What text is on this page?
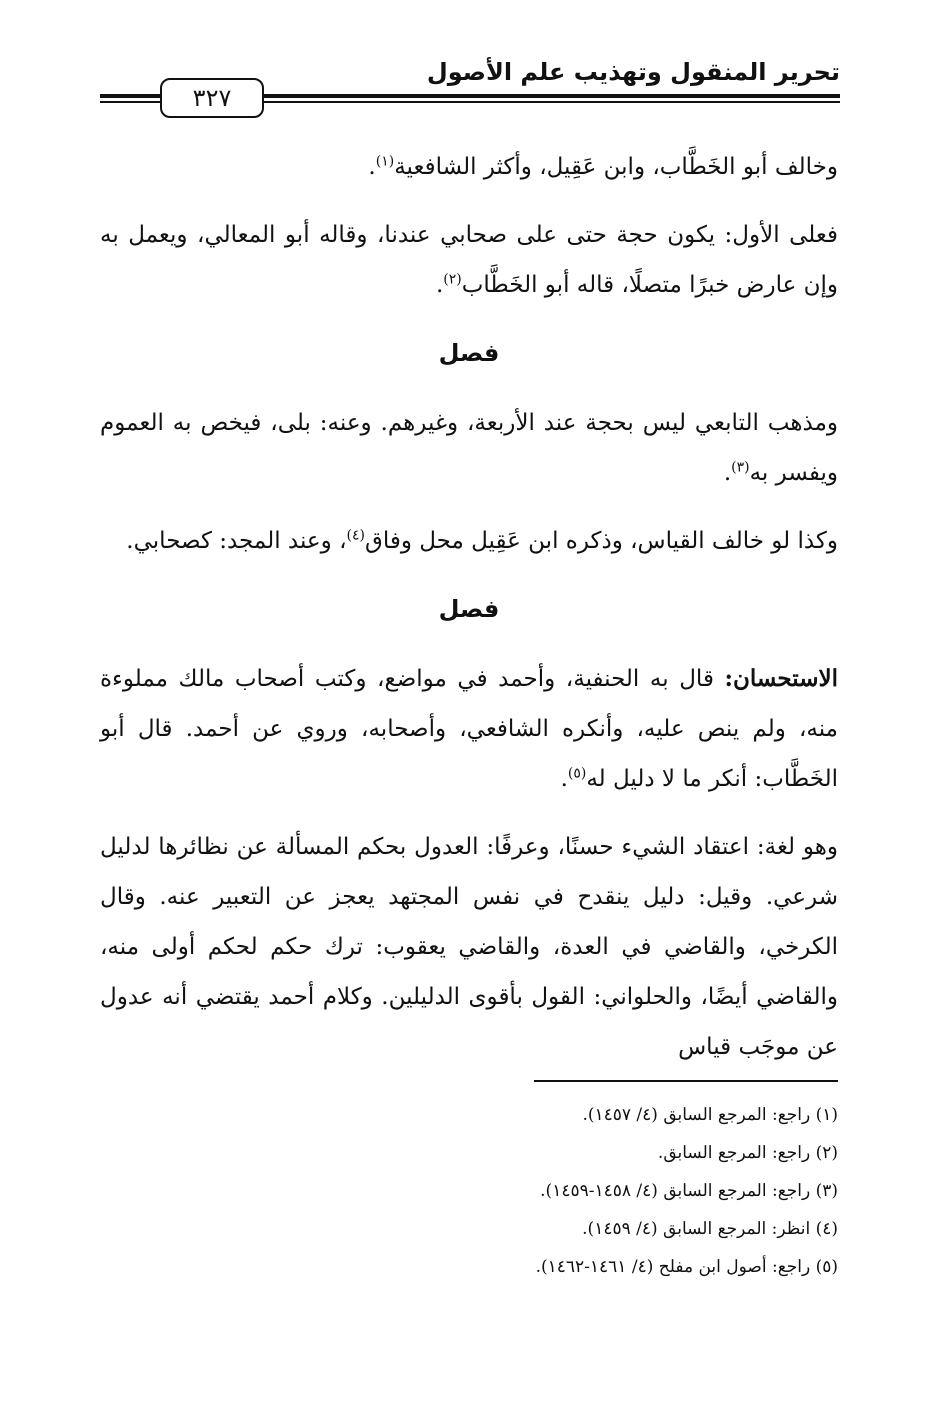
تحرير المنقول وتهذيب علم الأصول
٣٢٧

وخالف أبو الخَطَّاب، وابن عَقِيل، وأكثر الشافعية$^{(١)}$.

فعلى الأول: يكون حجة حتى على صحابي عندنا، وقاله أبو المعالي، ويعمل به وإن عارض خبرًا متصلًا، قاله أبو الخَطَّاب$^{(٢)}$.

فصل

ومذهب التابعي ليس بحجة عند الأربعة، وغيرهم. وعنه: بلى، فيخص به العموم ويفسر به$^{(٣)}$.

وكذا لو خالف القياس، وذكره ابن عَقِيل محل وفاق$^{(٤)}$، وعند المجد: كصحابي.

فصل

الاستحسان: قال به الحنفية، وأحمد في مواضع، وكتب أصحاب مالك مملوءة منه، ولم ينص عليه، وأنكره الشافعي، وأصحابه، وروي عن أحمد. قال أبو الخَطَّاب: أنكر ما لا دليل له$^{(٥)}$.

وهو لغة: اعتقاد الشيء حسنًا، وعرفًا: العدول بحكم المسألة عن نظائرها لدليل شرعي. وقيل: دليل ينقدح في نفس المجتهد يعجز عن التعبير عنه. وقال الكرخي، والقاضي في العدة، والقاضي يعقوب: ترك حكم لحكم أولى منه، والقاضي أيضًا، والحلواني: القول بأقوى الدليلين. وكلام أحمد يقتضي أنه عدول عن موجَب قياس

(١) راجع: المرجع السابق (٤/ ١٤٥٧).

(٢) راجع: المرجع السابق.

(٣) راجع: المرجع السابق (٤/ ١٤٥٨-١٤٥٩).

(٤) انظر: المرجع السابق (٤/ ١٤٥٩).

(٥) راجع: أصول ابن مفلح (٤/ ١٤٦١-١٤٦٢).
